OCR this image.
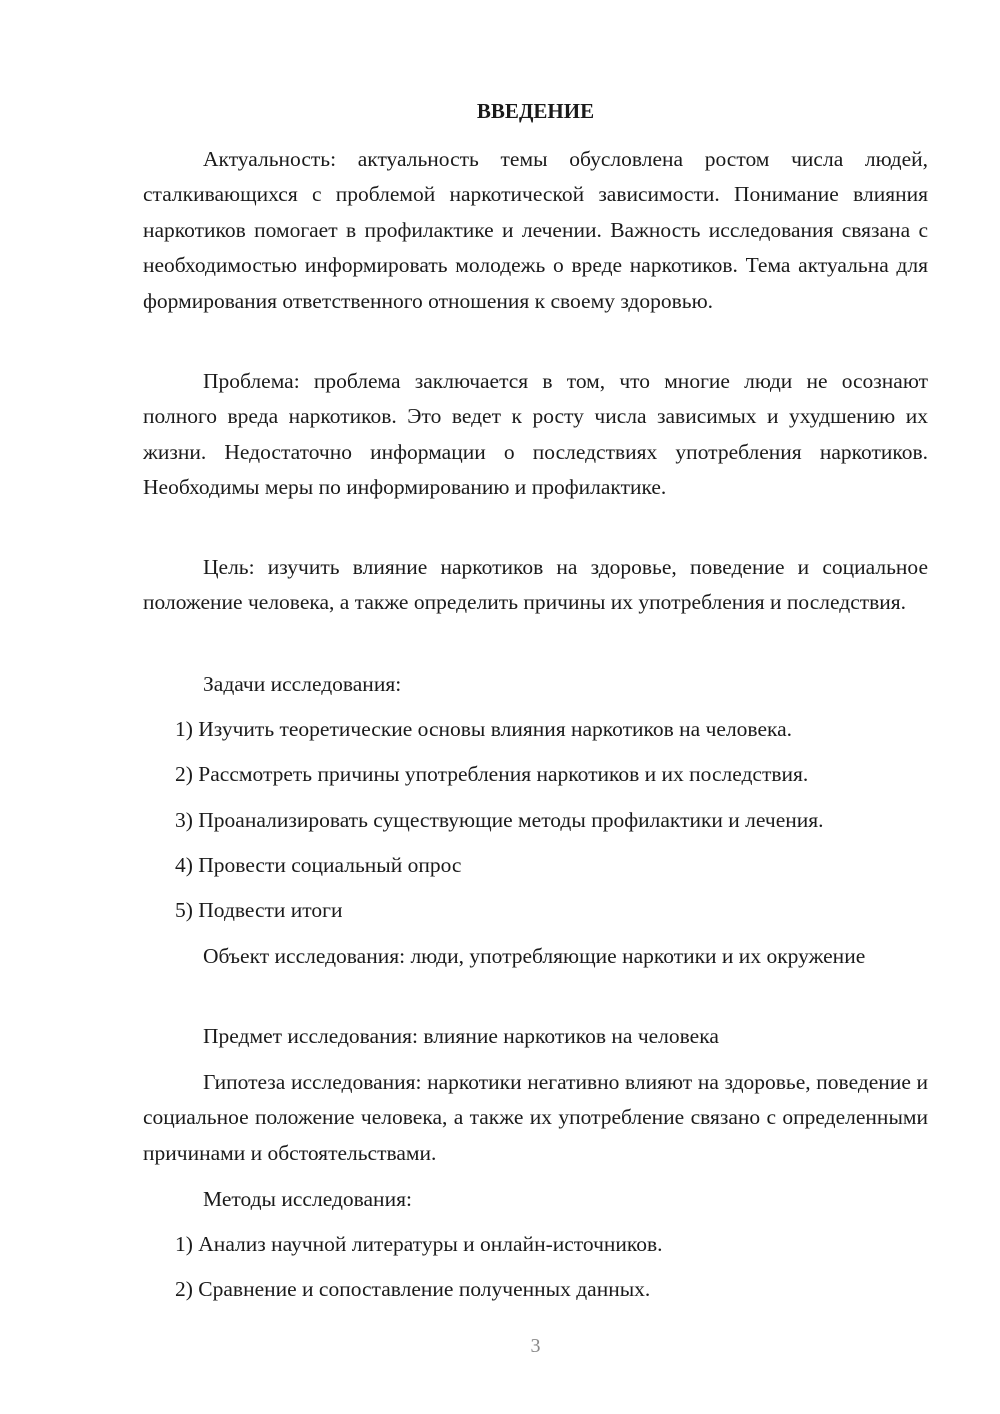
ВВЕДЕНИЕ

Актуальность: актуальность темы обусловлена ростом числа людей, сталкивающихся с проблемой наркотической зависимости. Понимание влияния наркотиков помогает в профилактике и лечении. Важность исследования связана с необходимостью информировать молодежь о вреде наркотиков. Тема актуальна для формирования ответственного отношения к своему здоровью.

Проблема: проблема заключается в том, что многие люди не осознают полного вреда наркотиков. Это ведет к росту числа зависимых и ухудшению их жизни. Недостаточно информации о последствиях употребления наркотиков. Необходимы меры по информированию и профилактике.

Цель: изучить влияние наркотиков на здоровье, поведение и социальное положение человека, а также определить причины их употребления и последствия.

Задачи исследования:

1) Изучить теоретические основы влияния наркотиков на человека.

2) Рассмотреть причины употребления наркотиков и их последствия.

3) Проанализировать существующие методы профилактики и лечения.

4) Провести социальный опрос

5) Подвести итоги

Объект исследования: люди, употребляющие наркотики и их окружение

Предмет исследования: влияние наркотиков на человека

Гипотеза исследования: наркотики негативно влияют на здоровье, поведение и социальное положение человека, а также их употребление связано с определенными причинами и обстоятельствами.

Методы исследования:

1) Анализ научной литературы и онлайн-источников.

2) Сравнение и сопоставление полученных данных.

3
